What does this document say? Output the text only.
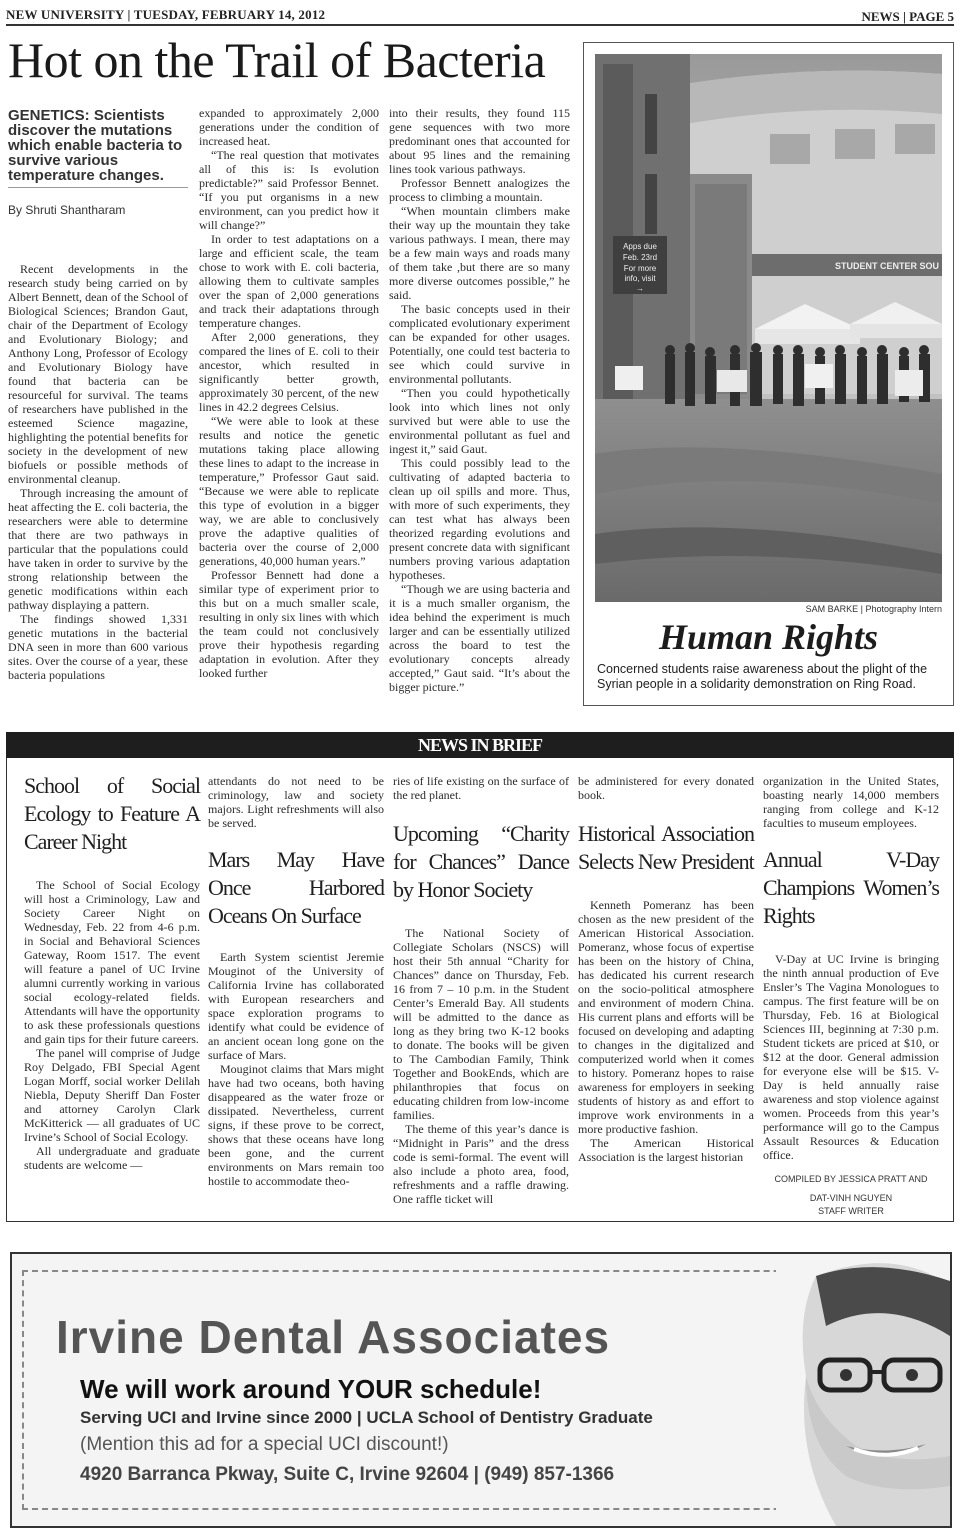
NEW UNIVERSITY | TUESDAY, FEBRUARY 14, 2012	NEWS | PAGE 5
Hot on the Trail of Bacteria
GENETICS: Scientists discover the mutations which enable bacteria to survive various temperature changes.
By Shruti Shantharam

Recent developments in the research study being carried on by Albert Bennett, dean of the School of Biological Sciences; Brandon Gaut, chair of the Department of Ecology and Evolutionary Biology; and Anthony Long, Professor of Ecology and Evolutionary Biology have found that bacteria can be resourceful for survival. The teams of researchers have published in the esteemed Science magazine, highlighting the potential benefits for society in the development of new biofuels or possible methods of environmental cleanup.

Through increasing the amount of heat affecting the E. coli bacteria, the researchers were able to determine that there are two pathways in particular that the populations could have taken in order to survive by the strong relationship between the genetic modifications within each pathway displaying a pattern.

The findings showed 1,331 genetic mutations in the bacterial DNA seen in more than 600 various sites. Over the course of a year, these bacteria populations

expanded to approximately 2,000 generations under the condition of increased heat.

“The real question that motivates all of this is: Is evolution predictable?” said Professor Bennet. “If you put organisms in a new environment, can you predict how it will change?”

In order to test adaptations on a large and efficient scale, the team chose to work with E. coli bacteria, allowing them to cultivate samples over the span of 2,000 generations and track their adaptations through temperature changes.

After 2,000 generations, they compared the lines of E. coli to their ancestor, which resulted in significantly better growth, approximately 30 percent, of the new lines in 42.2 degrees Celsius.

“We were able to look at these results and notice the genetic mutations taking place allowing these lines to adapt to the increase in temperature,” Professor Gaut said. “Because we were able to replicate this type of evolution in a bigger way, we are able to conclusively prove the adaptive qualities of bacteria over the course of 2,000 generations, 40,000 human years.”

Professor Bennett had done a similar type of experiment prior to this but on a much smaller scale, resulting in only six lines with which the team could not conclusively prove their hypothesis regarding adaptation in evolution. After they looked further

into their results, they found 115 gene sequences with two more predominant ones that accounted for about 95 lines and the remaining lines took various pathways.

Professor Bennett analogizes the process to climbing a mountain.

“When mountain climbers make their way up the mountain they take various pathways. I mean, there may be a few main ways and roads many of them take ,but there are so many more diverse outcomes possible,” he said.

The basic concepts used in their complicated evolutionary experiment can be expanded for other usages. Potentially, one could test bacteria to see which could survive in environmental pollutants.

“Then you could hypothetically look into which lines not only survived but were able to use the environmental pollutant as fuel and ingest it,” said Gaut.

This could possibly lead to the cultivating of adapted bacteria to clean up oil spills and more. Thus, with more of such experiments, they can test what has always been theorized regarding evolutions and present concrete data with significant numbers proving various adaptation hypotheses.

“Though we are using bacteria and it is a much smaller organism, the idea behind the experiment is much larger and can be essentially utilized across the board to test the evolutionary concepts already accepted,” Gaut said. “It’s about the bigger picture.”

Apps due
Feb. 23rd
For more
info, visit
→
STUDENT CENTER SOU
SAM BARKE | Photography Intern
Human Rights
Concerned students raise awareness about the plight of the Syrian people in a solidarity demonstration on Ring Road.
NEWS IN BRIEF
School of Social Ecology to Feature A Career Night

The School of Social Ecology will host a Criminology, Law and Society Career Night on Wednesday, Feb. 22 from 4-6 p.m. in Social and Behavioral Sciences Gateway, Room 1517. The event will feature a panel of UC Irvine alumni currently working in various social ecology-related fields. Attendants will have the opportunity to ask these professionals questions and gain tips for their future careers.

The panel will comprise of Judge Roy Delgado, FBI Special Agent Logan Morff, social worker Delilah Niebla, Deputy Sheriff Dan Foster and attorney Carolyn Clark McKitterick — all graduates of UC Irvine’s School of Social Ecology.

All undergraduate and graduate students are welcome —

attendants do not need to be criminology, law and society majors. Light refreshments will also be served.

Mars May Have Once Harbored Oceans On Surface

Earth System scientist Jeremie Mouginot of the University of California Irvine has collaborated with European researchers and space exploration programs to identify what could be evidence of an ancient ocean long gone on the surface of Mars.

Mouginot claims that Mars might have had two oceans, both having disappeared as the water froze or dissipated. Nevertheless, current signs, if these prove to be correct, shows that these oceans have long been gone, and the current environments on Mars remain too hostile to accommodate theo-

ries of life existing on the surface of the red planet.

Upcoming “Charity for Chances” Dance by Honor Society

The National Society of Collegiate Scholars (NSCS) will host their 5th annual “Charity for Chances” dance on Thursday, Feb. 16 from 7 – 10 p.m. in the Student Center’s Emerald Bay. All students will be admitted to the dance as long as they bring two K-12 books to donate. The books will be given to The Cambodian Family, Think Together and BookEnds, which are philanthropies that focus on educating children from low-income families.

The theme of this year’s dance is “Midnight in Paris” and the dress code is semi-formal. The event will also include a photo area, food, refreshments and a raffle drawing. One raffle ticket will

be administered for every donated book.

Historical Association Selects New President

Kenneth Pomeranz has been chosen as the new president of the American Historical Association. Pomeranz, whose focus of expertise has been on the history of China, has dedicated his current research on the socio-political atmosphere and environment of modern China. His current plans and efforts will be focused on developing and adapting to changes in the digitalized and computerized world when it comes to history. Pomeranz hopes to raise awareness for employers in seeking students of history as and effort to improve work environments in a more productive fashion.

The American Historical Association is the largest historian

organization in the United States, boasting nearly 14,000 members ranging from college and K-12 faculties to museum employees.

Annual V-Day Champions Women’s Rights

V-Day at UC Irvine is bringing the ninth annual production of Eve Ensler’s The Vagina Monologues to campus. The first feature will be on Thursday, Feb. 16 at Biological Sciences III, beginning at 7:30 p.m. Student tickets are priced at $10, or $12 at the door. General admission for everyone else will be $15. V-Day is held annually raise awareness and stop violence against women. Proceeds from this year’s performance will go to the Campus Assault Resources & Education office.

COMPILED BY JESSICA PRATT AND
DAT-VINH NGUYEN
STAFF WRITER
Irvine Dental Associates
We will work around YOUR schedule!
Serving UCI and Irvine since 2000 | UCLA School of Dentistry Graduate
(Mention this ad for a special UCI discount!)
4920 Barranca Pkway, Suite C, Irvine 92604 | (949) 857-1366
